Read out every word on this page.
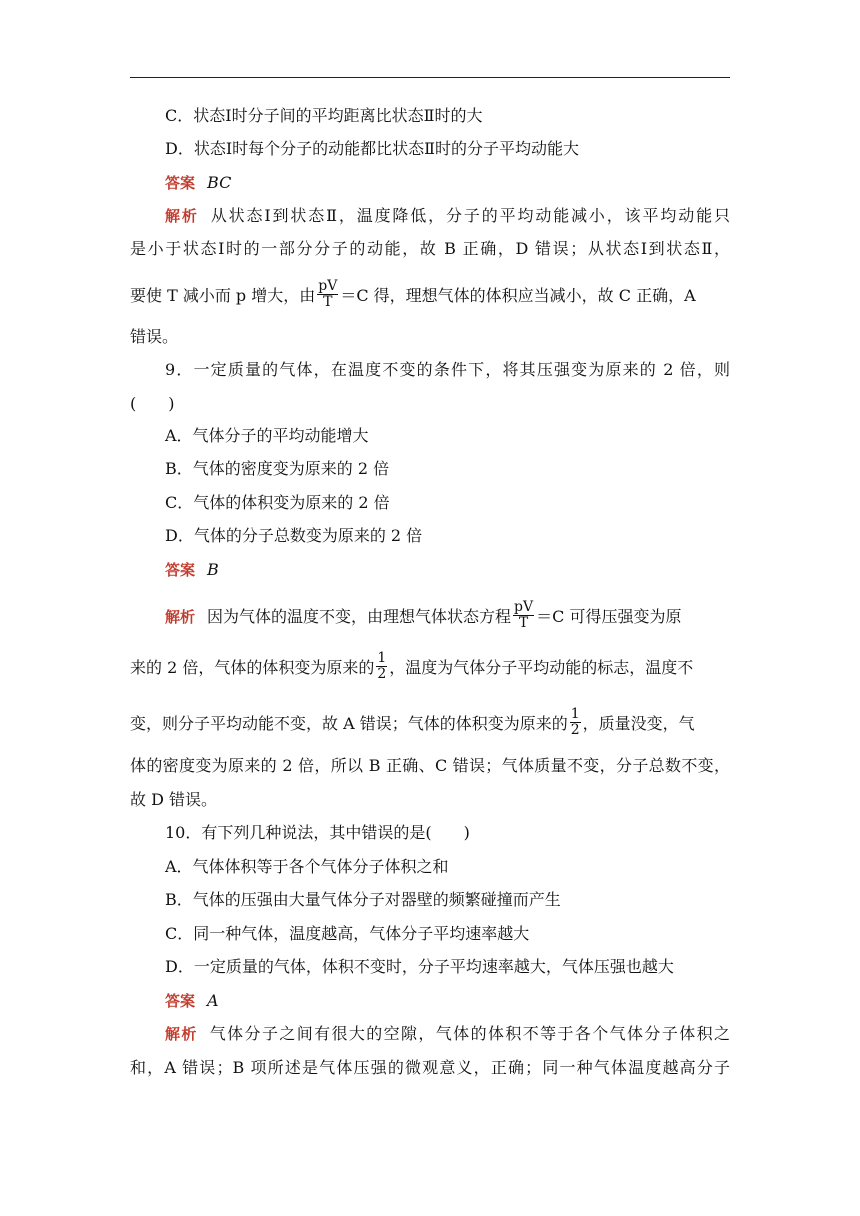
C．状态Ⅰ时分子间的平均距离比状态Ⅱ时的大
D．状态Ⅰ时每个分子的动能都比状态Ⅱ时的分子平均动能大
答案 BC
解析 从状态Ⅰ到状态Ⅱ，温度降低，分子的平均动能减小，该平均动能只
是小于状态Ⅰ时的一部分分子的动能，故 B 正确，D 错误；从状态Ⅰ到状态Ⅱ，
要使 T 减小而 p 增大，由 $\frac{pV}{T} =C$ 得，理想气体的体积应当减小，故 C 正确，A
错误。
9．一定质量的气体，在温度不变的条件下，将其压强变为原来的 2 倍，则
(　　)
A．气体分子的平均动能增大
B．气体的密度变为原来的 2 倍
C．气体的体积变为原来的 2 倍
D．气体的分子总数变为原来的 2 倍
答案 B
解析 因为气体的温度不变，由理想气体状态方程 $\frac{pV}{T} =C$ 可得压强变为原
来的 2 倍，气体的体积变为原来的 $\frac{1}{2}$ ，温度为气体分子平均动能的标志，温度不
变，则分子平均动能不变，故 A 错误；气体的体积变为原来的 $\frac{1}{2}$ ，质量没变，气
体的密度变为原来的 2 倍，所以 B 正确、C 错误；气体质量不变，分子总数不变，
故 D 错误。
10．有下列几种说法，其中错误的是(　　)
A．气体体积等于各个气体分子体积之和
B．气体的压强由大量气体分子对器壁的频繁碰撞而产生
C．同一种气体，温度越高，气体分子平均速率越大
D．一定质量的气体，体积不变时，分子平均速率越大，气体压强也越大
答案 A
解析 气体分子之间有很大的空隙，气体的体积不等于各个气体分子体积之
和，A 错误；B 项所述是气体压强的微观意义，正确；同一种气体温度越高分子
